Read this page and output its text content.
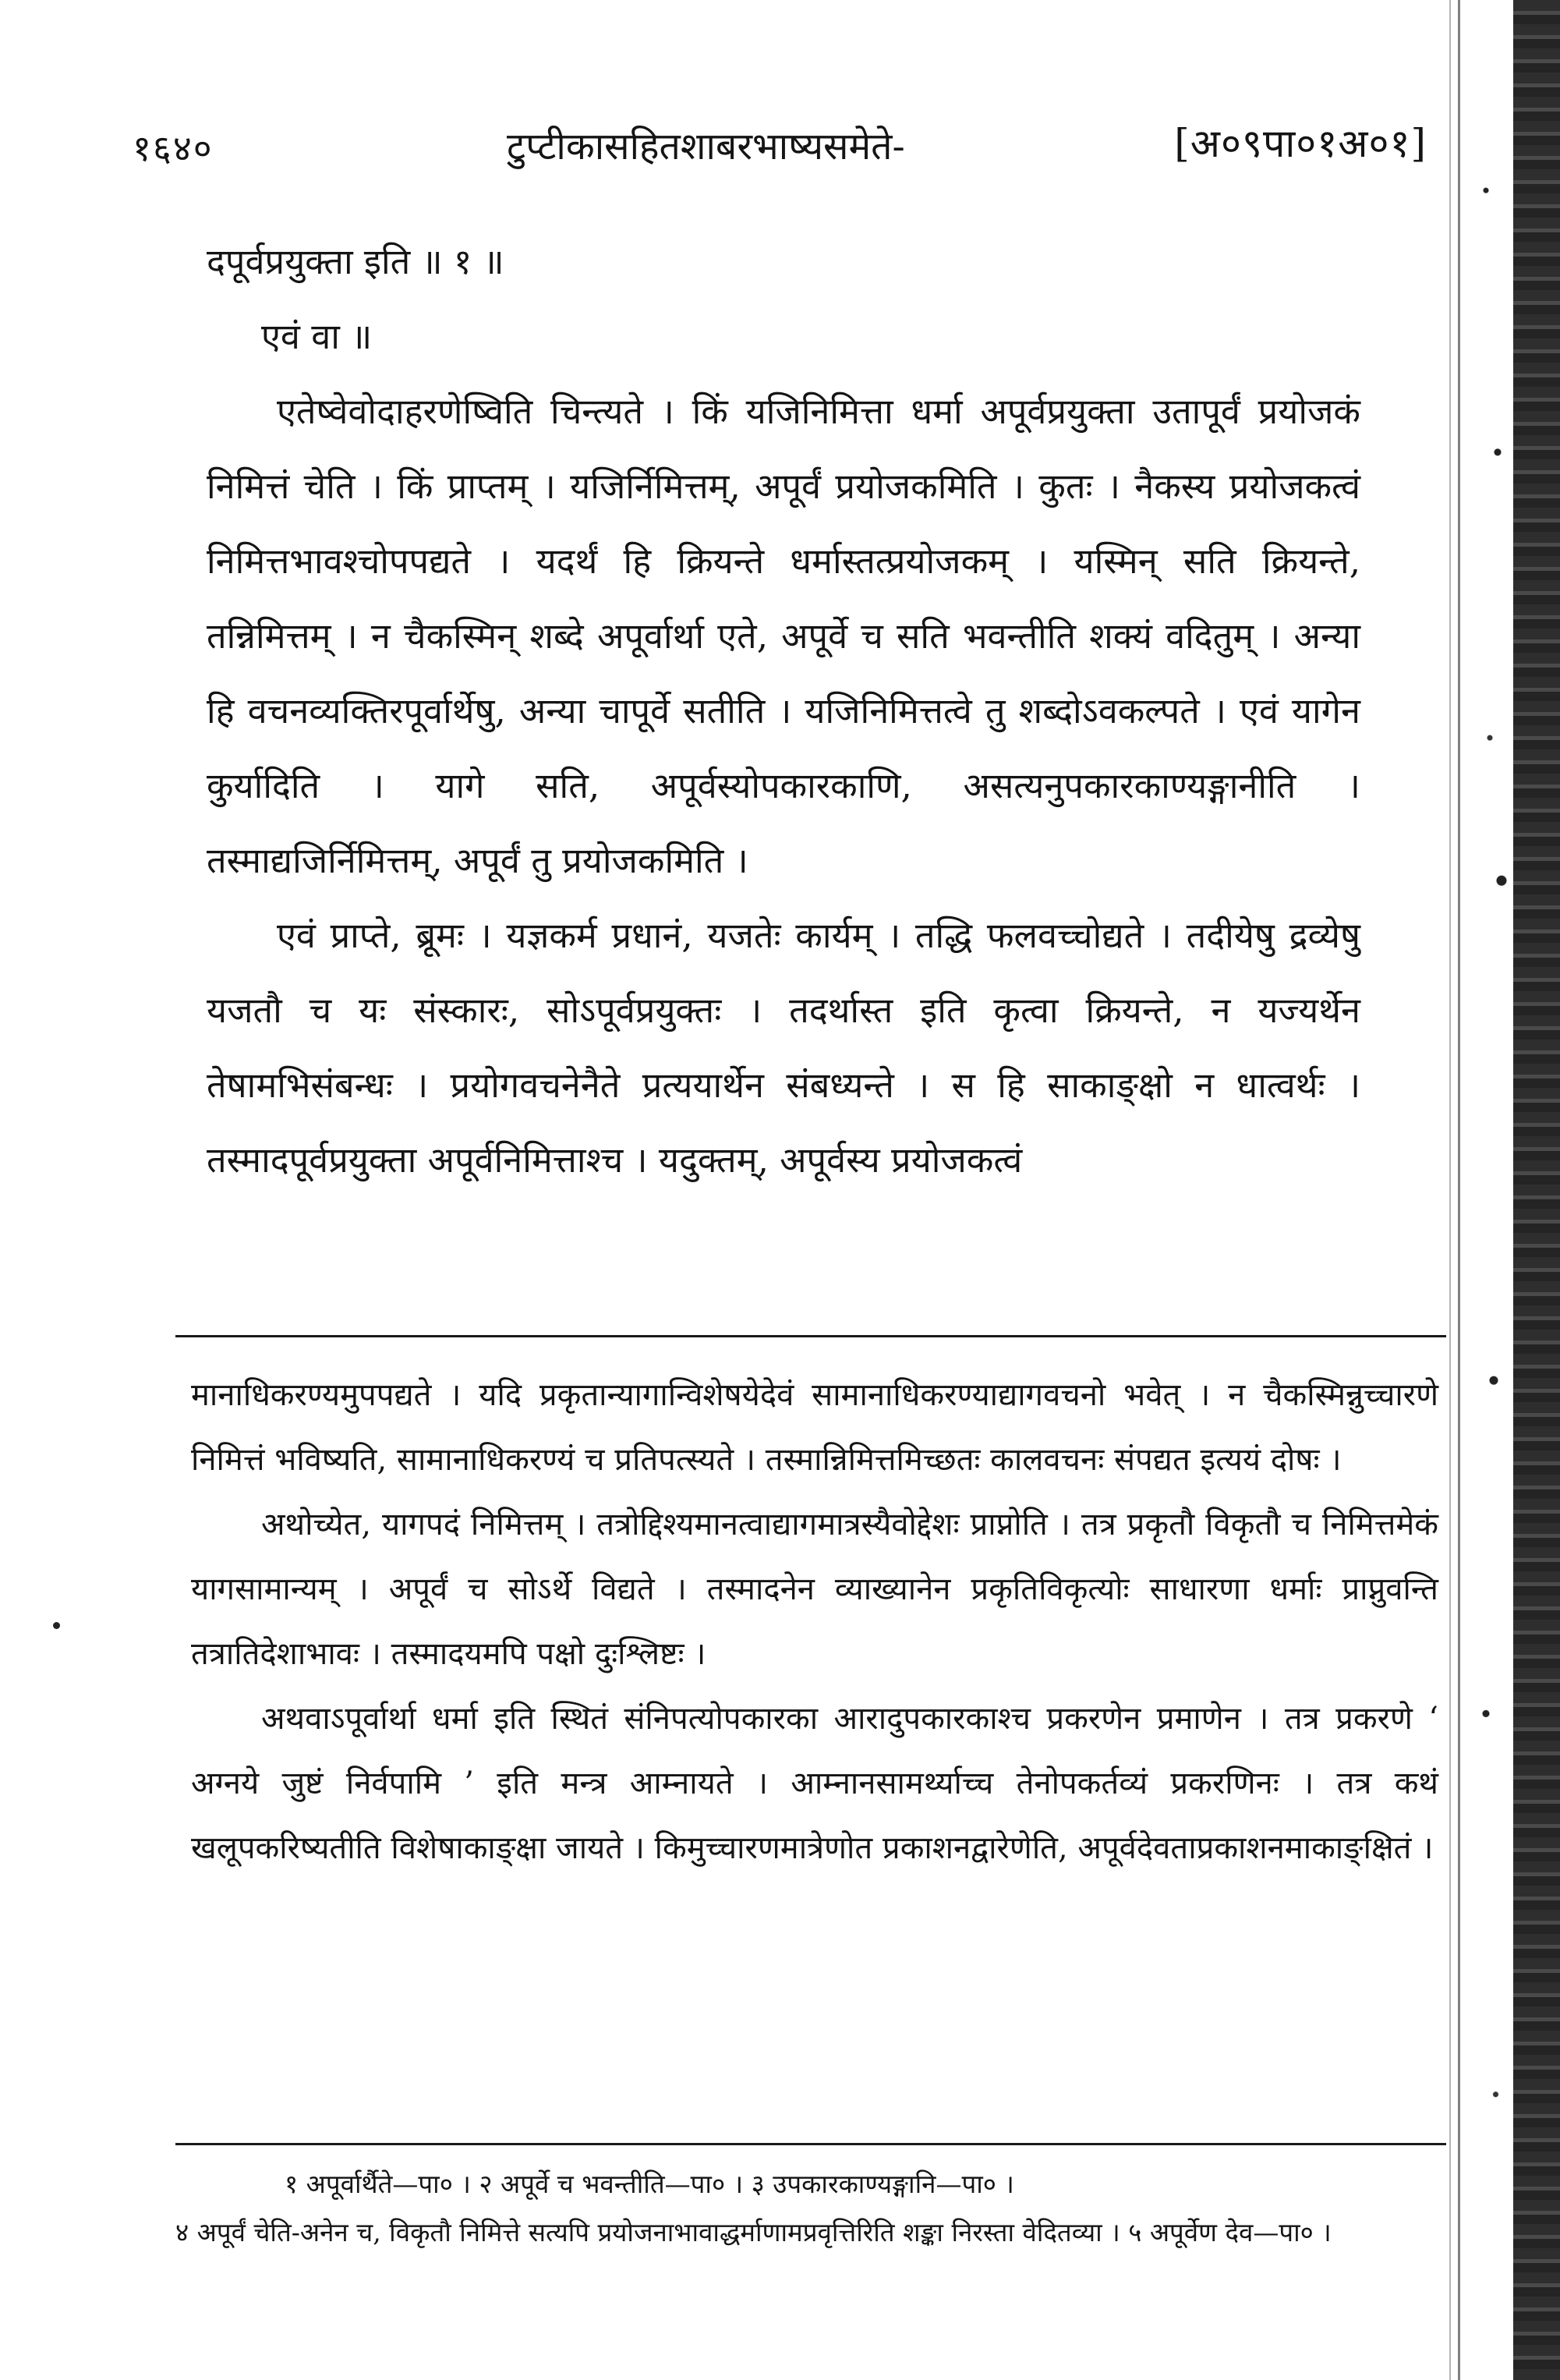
१६४०	टुप्टीकासहितशाबरभाष्यसमेते-	[अ०९पा०१अ०१]

दपूर्वप्रयुक्ता इति ॥ १ ॥

एवं वा ॥

एतेष्वेवोदाहरणेष्विति चिन्त्यते । किं यजिनिमित्ता धर्मा अपूर्वप्रयुक्ता उतापूर्वं प्रयोजकं निमित्तं चेति । किं प्राप्तम् । यजिर्निमित्तम्, अपूर्वं प्रयोजकमिति । कुतः । नैकस्य प्रयोजकत्वं निमित्तभावश्चोपपद्यते । यदर्थं हि क्रियन्ते धर्मास्तत्प्रयोजकम् । यस्मिन् सति क्रियन्ते, तन्निमित्तम् । न चैकस्मिन् शब्दे अपूर्वार्था एते, अपूर्वे च सति भवन्तीति शक्यं वदितुम् । अन्या हि वचनव्यक्तिरपूर्वार्थेषु, अन्या चापूर्वे सतीति । यजिनिमित्तत्वे तु शब्दोऽवकल्पते । एवं यागेन कुर्यादिति । यागे सति, अपूर्वस्योपकारकाणि, असत्यनुपकारकाण्यङ्गानीति । तस्माद्यजिर्निमित्तम्, अपूर्वं तु प्रयोजकमिति ।

एवं प्राप्ते, ब्रूमः । यज्ञकर्म प्रधानं, यजतेः कार्यम् । तद्धि फलवच्चोद्यते । तदीयेषु द्रव्येषु यजतौ च यः संस्कारः, सोऽपूर्वप्रयुक्तः । तदर्थास्त इति कृत्वा क्रियन्ते, न यज्यर्थेन तेषामभिसंबन्धः । प्रयोगवचनेनैते प्रत्ययार्थेन संबध्यन्ते । स हि साकाङ्क्षो न धात्वर्थः । तस्मादपूर्वप्रयुक्ता अपूर्वनिमित्ताश्च । यदुक्तम्, अपूर्वस्य प्रयोजकत्वं

मानाधिकरण्यमुपपद्यते । यदि प्रकृतान्यागान्विशेषयेदेवं सामानाधिकरण्याद्यागवचनो भवेत् । न चैकस्मिन्नुच्चारणे निमित्तं भविष्यति, सामानाधिकरण्यं च प्रतिपत्स्यते । तस्मान्निमित्तमिच्छतः कालवचनः संपद्यत इत्ययं दोषः ।

अथोच्येत, यागपदं निमित्तम् । तत्रोद्दिश्यमानत्वाद्यागमात्रस्यैवोद्देशः प्राप्नोति । तत्र प्रकृतौ विकृतौ च निमित्तमेकं यागसामान्यम् । अपूर्वं च सोऽर्थे विद्यते । तस्मादनेन व्याख्यानेन प्रकृतिविकृत्योः साधारणा धर्माः प्राप्नुवन्ति तत्रातिदेशाभावः । तस्मादयमपि पक्षो दुःश्लिष्टः ।

अथवाऽपूर्वार्था धर्मा इति स्थितं संनिपत्योपकारका आरादुपकारकाश्च प्रकरणेन प्रमाणेन । तत्र प्रकरणे ‘ अग्नये जुष्टं निर्वपामि ’ इति मन्त्र आम्नायते । आम्नानसामर्थ्याच्च तेनोपकर्तव्यं प्रकरणिनः । तत्र कथं खलूपकरिष्यतीति विशेषाकाङ्क्षा जायते । किमुच्चारणमात्रेणोत प्रकाशनद्वारेणेति, अपूर्वदेवताप्रकाशनमाकाङ्क्षितं ।

१ अपूर्वार्थैते—पा० । २ अपूर्वे च भवन्तीति—पा० । ३ उपकारकाण्यङ्गानि—पा० ।

४ अपूर्वं चेति-अनेन च, विकृतौ निमित्ते सत्यपि प्रयोजनाभावाद्धर्माणामप्रवृत्तिरिति शङ्का निरस्ता वेदितव्या । ५ अपूर्वेण देव—पा० ।
